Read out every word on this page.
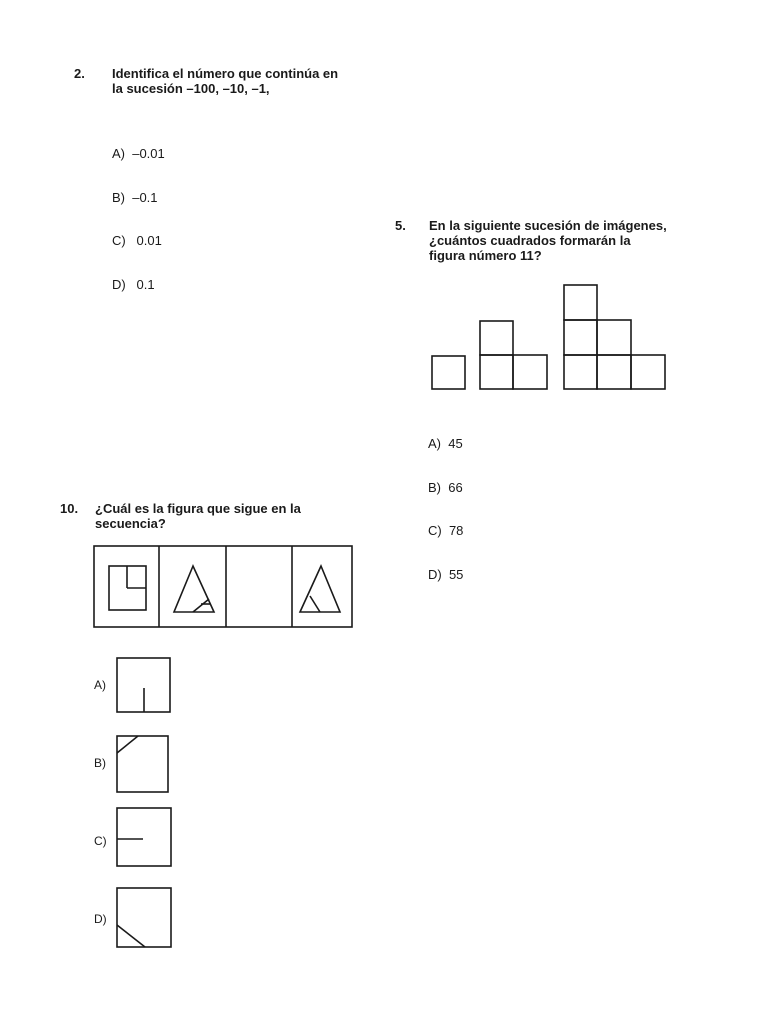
2. Identifica el número que continúa en
la sucesión –100, –10, –1,

A)  –0.01

B)  –0.1

C)   0.01

D)   0.1

5. En la siguiente sucesión de imágenes,
¿cuántos cuadrados formarán la
figura número 11?

A)  45

B)  66

C)  78

D)  55

10. ¿Cuál es la figura que sigue en la
secuencia?
A)
B)
C)
D)
